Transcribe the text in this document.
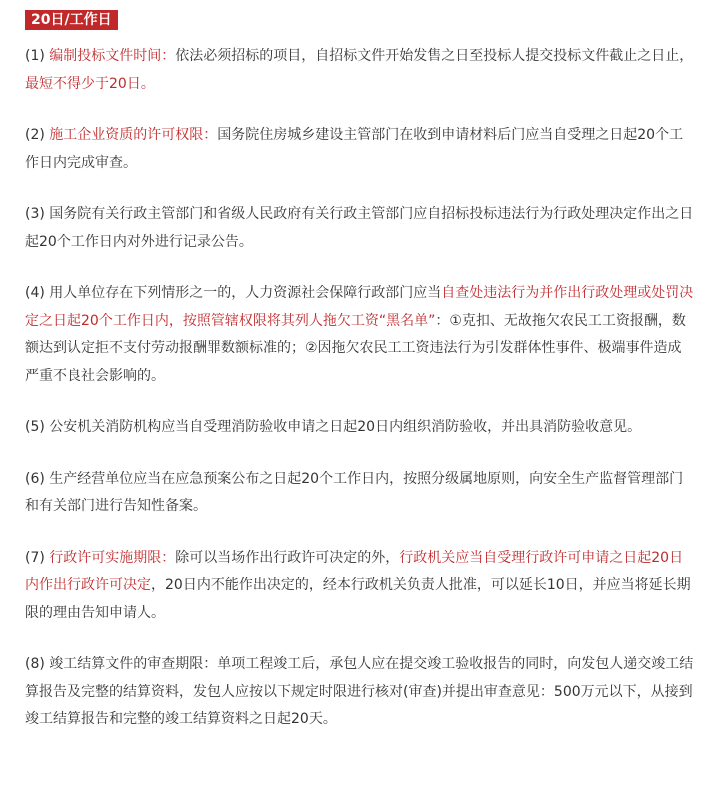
20日/工作日

(1) 编制投标文件时间：依法必须招标的项目，自招标文件开始发售之日至投标人提交投标文件截止之日止，最短不得少于20日。

(2) 施工企业资质的许可权限：国务院住房城乡建设主管部门在收到申请材料后门应当自受理之日起20个工作日内完成审查。

(3) 国务院有关行政主管部门和省级人民政府有关行政主管部门应自招标投标违法行为行政处理决定作出之日起20个工作日内对外进行记录公告。

(4) 用人单位存在下列情形之一的，人力资源社会保障行政部门应当自查处违法行为并作出行政处理或处罚决定之日起20个工作日内，按照管辖权限将其列人拖欠工资“黑名单”：①克扣、无故拖欠农民工工资报酬，数额达到认定拒不支付劳动报酬罪数额标准的；②因拖欠农民工工资违法行为引发群体性事件、极端事件造成严重不良社会影响的。

(5) 公安机关消防机构应当自受理消防验收申请之日起20日内组织消防验收，并出具消防验收意见。

(6) 生产经营单位应当在应急预案公布之日起20个工作日内，按照分级属地原则，向安全生产监督管理部门和有关部门进行告知性备案。

(7) 行政许可实施期限：除可以当场作出行政许可决定的外，行政机关应当自受理行政许可申请之日起20日内作出行政许可决定，20日内不能作出决定的，经本行政机关负责人批准，可以延长10日，并应当将延长期限的理由告知申请人。

(8) 竣工结算文件的审查期限：单项工程竣工后，承包人应在提交竣工验收报告的同时，向发包人递交竣工结算报告及完整的结算资料，发包人应按以下规定时限进行核对(审查)并提出审查意见：500万元以下，从接到竣工结算报告和完整的竣工结算资料之日起20天。
